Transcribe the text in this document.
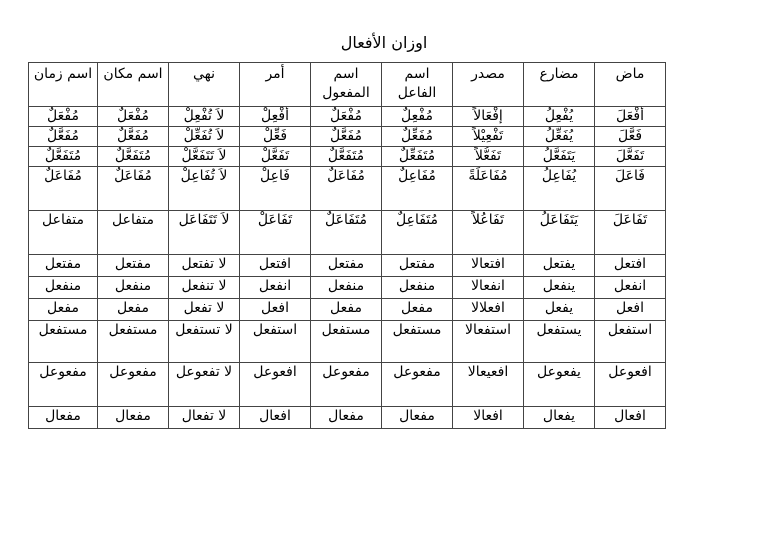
اوزان الأفعال
ماض	مضارع	مصدر	اسم الفاعل	اسم المفعول	أمر	نهي	اسم مكان	اسم زمان
أفْعَلَ	يُفْعِلُ	إفْعَالاً	مُفْعِلٌ	مُفْعَلٌ	أفْعِلْ	لاَ تُفْعِلْ	مُفْعَلٌ	مُفْعَلٌ
فَعَّلَ	يُفَعِّلُ	تَفْعِيْلاً	مُفَعِّلٌ	مُفَعَّلٌ	فَعِّلْ	لاَ تُفَعِّلْ	مُفَعَّلٌ	مُفَعَّلٌ
تَفَعَّلَ	يَتَفَعَّلُ	تَفَعُّلاً	مُتَفَعِّلٌ	مُتَفَعَّلٌ	تَفَعَّلْ	لاَ تَتَفَعَّلْ	مُتَفَعَّلٌ	مُتَفَعَّلٌ
فَاعَلَ	يُفَاعِلُ	مُفَاعَلَةً	مُفَاعِلٌ	مُفَاعَلٌ	فَاعِلْ	لاَ تُفَاعِلْ	مُفَاعَلٌ	مُفَاعَلٌ
تَفَاعَلَ	يَتَفَاعَلُ	تَفَاعُلاً	مُتَفَاعِلٌ	مُتَفَاعَلٌ	تَفَاعَلْ	لاَ تَتَفَاعَل	متفاعل	متفاعل
افتعل	يفتعل	افتعالا	مفتعل	مفتعل	افتعل	لا تفتعل	مفتعل	مفتعل
انفعل	ينفعل	انفعالا	منفعل	منفعل	انفعل	لا تنفعل	منفعل	منفعل
افعل	يفعل	افعلالا	مفعل	مفعل	افعل	لا تفعل	مفعل	مفعل
استفعل	يستفعل	استفعالا	مستفعل	مستفعل	استفعل	لا تستفعل	مستفعل	مستفعل
افعوعل	يفعوعل	افعيعالا	مفعوعل	مفعوعل	افعوعل	لا تفعوعل	مفعوعل	مفعوعل
افعال	يفعال	افعالا	مفعال	مفعال	افعال	لا تفعال	مفعال	مفعال
